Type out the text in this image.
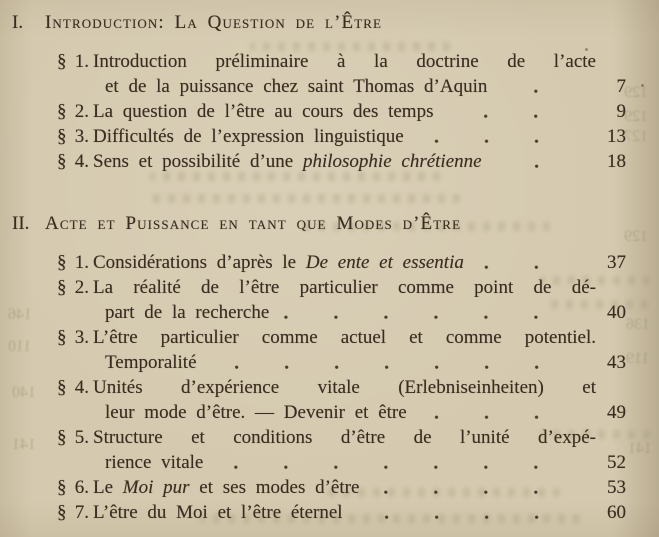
I.	Introduction: La Question de l’Être
§ 1. Introduction préliminaire à la doctrine de l’acte
et de la puissance chez saint Thomas d’Aquin	7
§ 2. La question de l’être au cours des temps	9
§ 3. Difficultés de l’expression linguistique	13
§ 4. Sens et possibilité d’une philosophie chrétienne	18
II. Acte et Puissance en tant que Modes d’Être
§ 1. Considérations d’après le De ente et essentia	37
§ 2. La réalité de l’être particulier comme point de dé-
part de la recherche	40
§ 3. L’être particulier comme actuel et comme potentiel.
Temporalité	43
§ 4. Unités d’expérience vitale (Erlebniseinheiten) et
leur mode d’être. — Devenir et être	49
§ 5. Structure et conditions d’être de l’unité d’expé-
rience vitale	52
§ 6. Le Moi pur et ses modes d’être	53
§ 7. L’être du Moi et l’être éternel	60
129
129
127
129
136
119
141
146
110
140
141
